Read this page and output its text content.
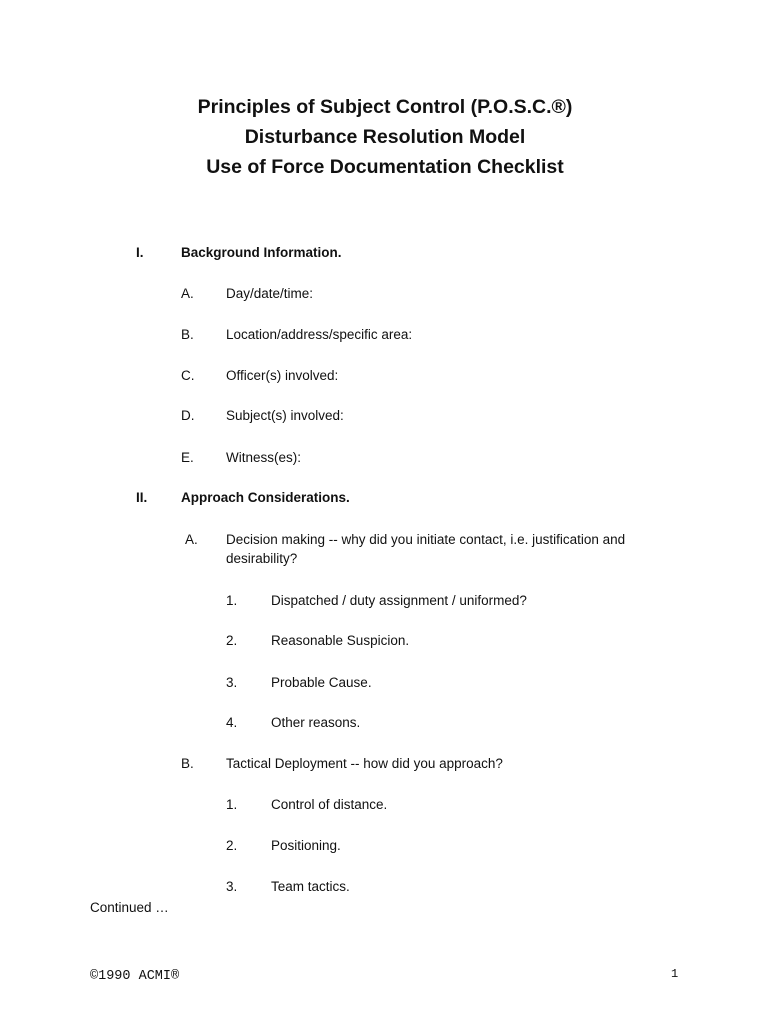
Principles of Subject Control (P.O.S.C.®)

Disturbance Resolution Model

Use of Force Documentation Checklist

I.	Background Information.
A. Day/date/time:
B. Location/address/specific area:
C. Officer(s) involved:
D. Subject(s) involved:
E. Witness(es):
II. Approach Considerations.
A. Decision making -- why did you initiate contact, i.e. justification and desirability?
1. Dispatched / duty assignment / uniformed?
2. Reasonable Suspicion.
3. Probable Cause.
4. Other reasons.
B. Tactical Deployment -- how did you approach?
1. Control of distance.
2. Positioning.
3. Team tactics.
Continued …
©1990 ACMI®	1
